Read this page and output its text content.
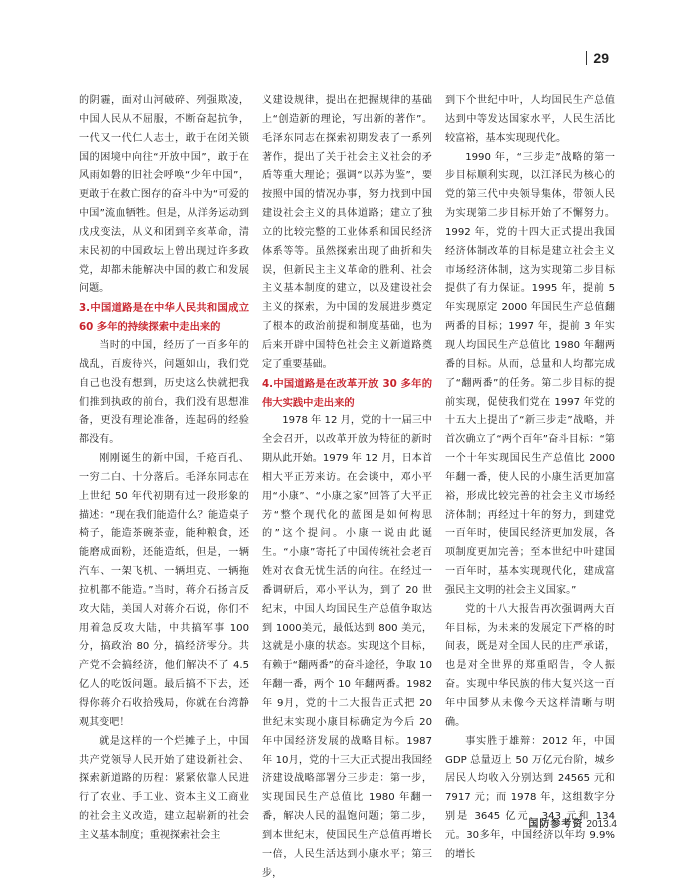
29

的阴霾，面对山河破碎、列强欺凌，中国人民从不屈服，不断奋起抗争，一代又一代仁人志士，敢于在闭关锁国的困境中向往“开放中国”，敢于在风雨如磐的旧社会呼唤“少年中国”，更敢于在救亡图存的奋斗中为“可爱的中国”流血牺牲。但是，从洋务运动到戊戌变法，从义和团到辛亥革命，清末民初的中国政坛上曾出现过许多政党，却都未能解决中国的救亡和发展问题。

3.中国道路是在中华人民共和国成立 60 多年的持续探索中走出来的

当时的中国，经历了一百多年的战乱，百废待兴，问题如山，我们党自己也没有想到，历史这么快就把我们推到执政的前台，我们没有思想准备，更没有理论准备，连起码的经验都没有。

刚刚诞生的新中国，千疮百孔、一穷二白、十分落后。毛泽东同志在上世纪 50 年代初期有过一段形象的描述：“现在我们能造什么？能造桌子椅子，能造茶碗茶壶，能种粮食，还能磨成面粉，还能造纸，但是，一辆汽车、一架飞机、一辆坦克、一辆拖拉机都不能造。”当时，蒋介石扬言反攻大陆，美国人对蒋介石说，你们不用着急反攻大陆，中共搞军事 100 分，搞政治 80 分，搞经济零分。共产党不会搞经济，他们解决不了 4.5 亿人的吃饭问题。最后搞不下去，还得你蒋介石收拾残局，你就在台湾静观其变吧！

就是这样的一个烂摊子上，中国共产党领导人民开始了建设新社会、探索新道路的历程：紧紧依靠人民进行了农业、手工业、资本主义工商业的社会主义改造，建立起崭新的社会主义基本制度；重视探索社会主

义建设规律，提出在把握规律的基础上“创造新的理论，写出新的著作”。毛泽东同志在探索初期发表了一系列著作，提出了关于社会主义社会的矛盾等重大理论；强调“以苏为鉴”，要按照中国的情况办事，努力找到中国建设社会主义的具体道路；建立了独立的比较完整的工业体系和国民经济体系等等。虽然探索出现了曲折和失误，但新民主主义革命的胜利、社会主义基本制度的建立，以及建设社会主义的探索，为中国的发展进步奠定了根本的政治前提和制度基础，也为后来开辟中国特色社会主义新道路奠定了重要基础。

4.中国道路是在改革开放 30 多年的伟大实践中走出来的

1978 年 12 月，党的十一届三中全会召开，以改革开放为特征的新时期从此开始。1979 年 12 月，日本首相大平正芳来访。在会谈中，邓小平用“小康”、“小康之家”回答了大平正芳“整个现代化的蓝图是如何构思的”这个提问。小康一说由此诞生。“小康”寄托了中国传统社会老百姓对衣食无忧生活的向往。在经过一番调研后，邓小平认为，到了 20 世纪末，中国人均国民生产总值争取达到 1000美元，最低达到 800 美元，这就是小康的状态。实现这个目标，有赖于“翻两番”的奋斗途径，争取 10 年翻一番，两个 10 年翻两番。1982 年 9月，党的十二大报告正式把 20 世纪末实现小康目标确定为今后 20 年中国经济发展的战略目标。1987 年 10月，党的十三大正式提出我国经济建设战略部署分三步走：第一步，实现国民生产总值比 1980 年翻一番，解决人民的温饱问题；第二步，到本世纪末，使国民生产总值再增长一倍，人民生活达到小康水平；第三步，

到下个世纪中叶，人均国民生产总值达到中等发达国家水平，人民生活比较富裕，基本实现现代化。

1990 年，“三步走”战略的第一步目标顺利实现，以江泽民为核心的党的第三代中央领导集体，带领人民为实现第二步目标开始了不懈努力。1992 年，党的十四大正式提出我国经济体制改革的目标是建立社会主义市场经济体制，这为实现第二步目标提供了有力保证。1995 年，提前 5 年实现原定 2000 年国民生产总值翻两番的目标；1997 年，提前 3 年实现人均国民生产总值比 1980 年翻两番的目标。从而，总量和人均都完成了“翻两番”的任务。第二步目标的提前实现，促使我们党在 1997 年党的十五大上提出了“新三步走”战略，并首次确立了“两个百年”奋斗目标：“第一个十年实现国民生产总值比 2000 年翻一番，使人民的小康生活更加富裕，形成比较完善的社会主义市场经济体制；再经过十年的努力，到建党一百年时，使国民经济更加发展，各项制度更加完善；至本世纪中叶建国一百年时，基本实现现代化，建成富强民主文明的社会主义国家。”

党的十八大报告再次强调两大百年目标，为未来的发展定下严格的时间表，既是对全国人民的庄严承诺，也是对全世界的郑重昭告，令人振奋。实现中华民族的伟大复兴这一百年中国梦从未像今天这样清晰与明确。

事实胜于雄辩：2012 年，中国 GDP 总量迈上 50 万亿元台阶，城乡居民人均收入分别达到 24565 元和 7917 元；而 1978 年，这组数字分别是 3645 亿元、343 元和 134 元。30多年，中国经济以年均 9.9%的增长

国防参考资 2013.4
